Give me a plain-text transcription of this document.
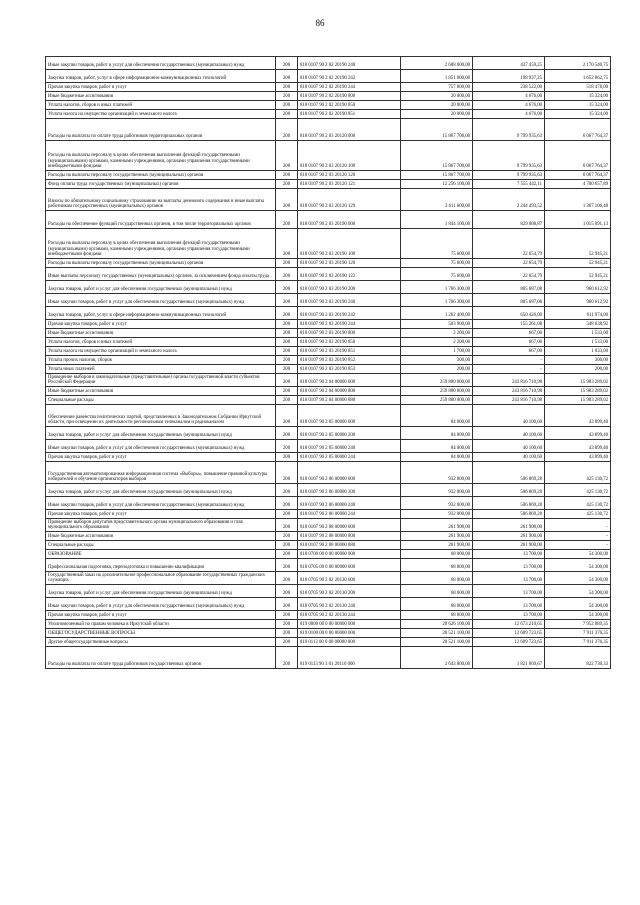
86
Иные закупки товаров, работ и услуг для обеспечения государственных (муниципальных) нужд	200	818 0107 90 2 02 20190 240	2 608 000,00	437 459,25	2 170 540,75
Закупка товаров, работ, услуг в сфере информационно-коммуникационных технологий	200	818 0107 90 2 02 20190 242	1 851 000,00	198 937,25	1 652 062,75
Прочая закупка товаров, работ и услуг	200	818 0107 90 2 02 20190 244	757 000,00	238 522,00	518 478,00
Иные бюджетные ассигнования	200	818 0107 90 2 02 20190 800	20 000,00	4 676,00	15 324,00
Уплата налогов, сборов и иных платежей	200	818 0107 90 2 02 20190 850	20 000,00	4 676,00	15 324,00
Уплата налога на имущество организаций и земельного налога	200	818 0107 90 2 02 20190 851	20 000,00	4 676,00	15 324,00
Расходы на выплаты по оплате труда работников территориальных органов	200	818 0107 90 2 03 20120 000	15 867 700,00	9 799 935,63	6 067 764,37
Расходы на выплаты персоналу в целях обеспечения выполнения функций государственными (муниципальными) органами, казенными учреждениями, органами управления государственными внебюджетными фондами	200	818 0107 90 2 03 20120 100	15 867 700,00	9 799 935,63	6 067 764,37
Расходы на выплаты персоналу государственных (муниципальных) органов	200	818 0107 90 2 03 20120 120	15 867 700,00	9 799 935,63	6 067 764,37
Фонд оплаты труда государственных (муниципальных) органов	200	818 0107 90 2 03 20120 121	12 256 100,00	7 555 442,11	4 700 657,89
Взносы по обязательному социальному страхованию на выплаты денежного содержания и иные выплаты работникам государственных (муниципальных) органов	200	818 0107 90 2 03 20120 129	3 611 600,00	2 244 493,52	1 367 106,48
Расходы на обеспечение функций государственных органов, в том числе территориальных органов	200	818 0107 90 2 03 20190 000	1 844 100,00	829 008,87	1 015 091,13
Расходы на выплаты персоналу в целях обеспечения выполнения функций государственными (муниципальными) органами, казенными учреждениями, органами управления государственными внебюджетными фондами	200	818 0107 90 2 03 20190 100	75 600,00	22 654,79	52 945,21
Расходы на выплаты персоналу государственных (муниципальных) органов	200	818 0107 90 2 03 20190 120	75 600,00	22 654,79	52 945,21
Иные выплаты персоналу государственных (муниципальных) органов, за исключением фонда оплаты труда	200	818 0107 90 2 03 20190 122	75 600,00	22 654,79	52 945,21
Закупка товаров, работ и услуг для обеспечения государственных (муниципальных) нужд	200	818 0107 90 2 03 20190 200	1 766 300,00	805 687,08	960 612,92
Иные закупки товаров, работ и услуг для обеспечения государственных (муниципальных) нужд	200	818 0107 90 2 03 20190 240	1 766 300,00	805 687,08	960 612,92
Закупка товаров, работ, услуг в сфере информационно-коммуникационных технологий	200	818 0107 90 2 03 20190 242	1 262 400,00	650 426,00	611 974,00
Прочая закупка товаров, работ и услуг	200	818 0107 90 2 03 20190 244	503 900,00	155 261,08	348 638,92
Иные бюджетные ассигнования	200	818 0107 90 2 03 20190 800	2 200,00	667,00	1 533,00
Уплата налогов, сборов и иных платежей	200	818 0107 90 2 03 20190 850	2 200,00	667,00	1 533,00
Уплата налога на имущество организаций и земельного налога	200	818 0107 90 2 03 20190 851	1 700,00	667,00	1 033,00
Уплата прочих налогов, сборов	200	818 0107 90 2 03 20190 852	300,00	-	300,00
Уплата иных платежей	200	818 0107 90 2 03 20190 853	200,00	-	200,00
Проведение выборов в законодательные (представительные) органы государственной власти субъектов Российской Федерации	200	818 0107 90 2 04 00000 000	259 800 000,00	243 816 710,98	15 983 289,02
Иные бюджетные ассигнования	200	818 0107 90 2 04 00000 800	259 800 000,00	243 816 710,98	15 983 289,02
Специальные расходы	200	818 0107 90 2 04 00000 880	259 800 000,00	243 816 710,98	15 983 289,02
Обеспечение равенства политических партий, представленных в Законодательном Собрании Иркутской области, при освещении их деятельности региональным телеканалом и радиоканалом	200	818 0107 90 2 05 00000 000	84 000,00	40 100,60	43 899,40
Закупка товаров, работ и услуг для обеспечения государственных (муниципальных) нужд	200	818 0107 90 2 05 00000 200	84 000,00	40 100,60	43 899,40
Иные закупки товаров, работ и услуг для обеспечения государственных (муниципальных) нужд	200	818 0107 90 2 05 00000 240	84 000,00	40 100,60	43 899,40
Прочая закупка товаров, работ и услуг	200	818 0107 90 2 05 00000 244	84 000,00	40 100,60	43 899,40
Государственная автоматизированная информационная система «Выборы», повышение правовой культуры избирателей и обучение организаторов выборов	200	818 0107 90 2 06 00000 000	932 000,00	506 869,28	425 130,72
Закупка товаров, работ и услуг для обеспечения государственных (муниципальных) нужд	200	818 0107 90 2 06 00000 200	932 000,00	506 869,28	425 130,72
Иные закупки товаров, работ и услуг для обеспечения государственных (муниципальных) нужд	200	818 0107 90 2 06 00000 240	932 000,00	506 869,28	425 130,72
Прочая закупка товаров, работ и услуг	200	818 0107 90 2 06 00000 244	932 000,00	506 869,28	425 130,72
Проведение выборов депутатов представительного органа муниципального образования и глав муниципального образования	200	818 0107 90 2 08 00000 000	261 900,00	261 900,00	-
Иные бюджетные ассигнования	200	818 0107 90 2 08 00000 800	261 900,00	261 900,00	-
Специальные расходы	200	818 0107 90 2 08 00000 880	261 900,00	261 900,00	-
ОБРАЗОВАНИЕ	200	818 0700 00 0 00 00000 000	68 000,00	13 700,00	54 300,00
Профессиональная подготовка, переподготовка и повышение квалификации	200	818 0705 00 0 00 00000 000	68 000,00	13 700,00	54 300,00
Государственный заказ на дополнительное профессиональное образование государственных гражданских служащих	200	818 0705 90 2 02 20130 000	68 000,00	13 700,00	54 300,00
Закупка товаров, работ и услуг для обеспечения государственных (муниципальных) нужд	200	818 0705 90 2 02 20130 200	68 000,00	13 700,00	54 300,00
Иные закупки товаров, работ и услуг для обеспечения государственных (муниципальных) нужд	200	818 0705 90 2 02 20130 240	68 000,00	13 700,00	54 300,00
Прочая закупка товаров, работ и услуг	200	818 0705 90 2 02 20130 244	68 000,00	13 700,00	54 300,00
Уполномоченный по правам человека в Иркутской области	200	819 0000 00 0 00 00000 000	20 626 100,00	12 673 210,65	7 952 889,35
ОБЩЕГОСУДАРСТВЕННЫЕ ВОПРОСЫ	200	819 0100 00 0 00 00000 000	20 521 100,00	12 609 723,65	7 911 376,35
Другие общегосударственные вопросы	200	819 0113 00 0 00 00000 000	20 521 100,00	12 609 723,65	7 911 376,35
Расходы на выплаты по оплате труда работников государственных органов	200	819 0113 90 3 01 20110 000	2 643 800,00	1 821 069,67	822 730,33
